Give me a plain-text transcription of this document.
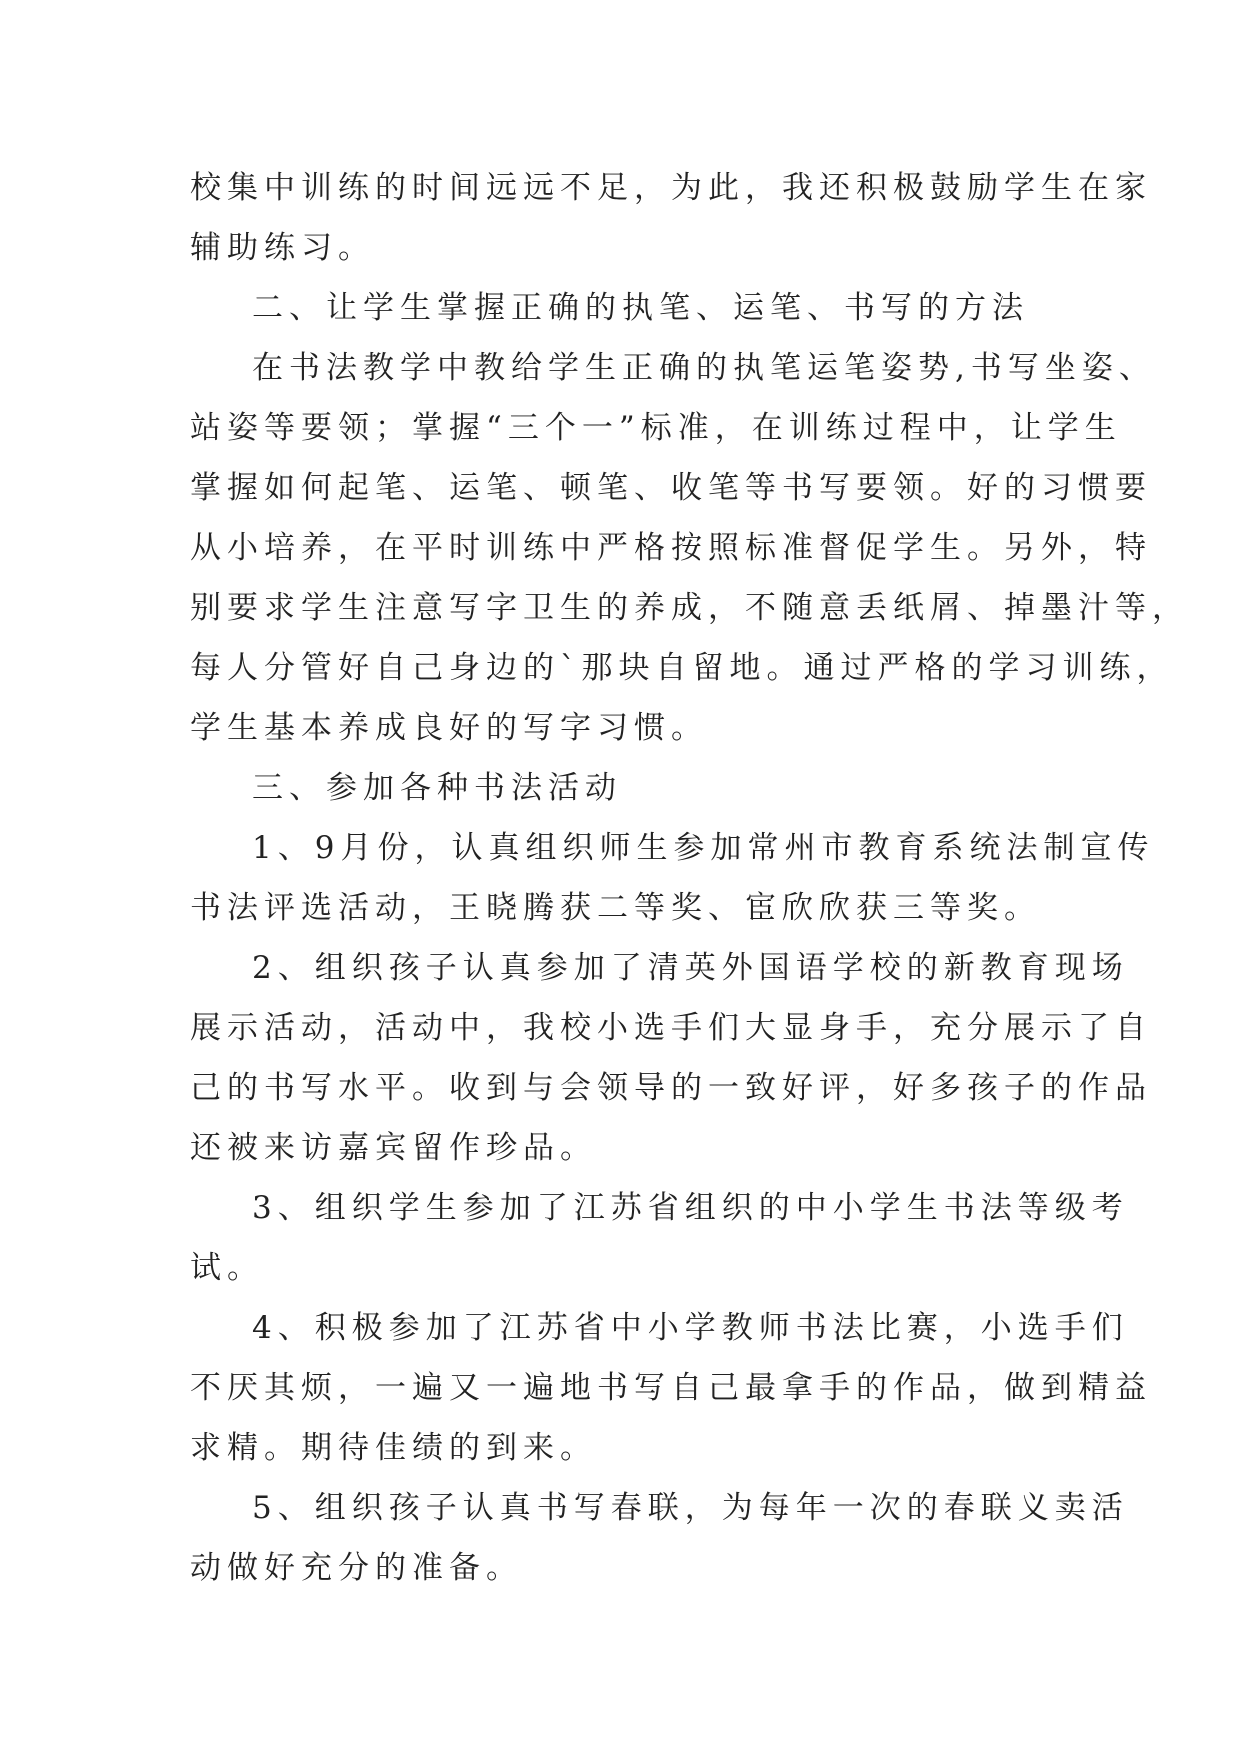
校集中训练的时间远远不足，为此，我还积极鼓励学生在家
辅助练习。
二、让学生掌握正确的执笔、运笔、书写的方法
在书法教学中教给学生正确的执笔运笔姿势,书写坐姿、
站姿等要领；掌握“三个一”标准，在训练过程中，让学生
掌握如何起笔、运笔、顿笔、收笔等书写要领。好的习惯要
从小培养，在平时训练中严格按照标准督促学生。另外，特
别要求学生注意写字卫生的养成，不随意丢纸屑、掉墨汁等，
每人分管好自己身边的`那块自留地。通过严格的学习训练，
学生基本养成良好的写字习惯。
三、参加各种书法活动
1、9月份，认真组织师生参加常州市教育系统法制宣传
书法评选活动，王晓腾获二等奖、宦欣欣获三等奖。
2、组织孩子认真参加了清英外国语学校的新教育现场
展示活动，活动中，我校小选手们大显身手，充分展示了自
己的书写水平。收到与会领导的一致好评，好多孩子的作品
还被来访嘉宾留作珍品。
3、组织学生参加了江苏省组织的中小学生书法等级考
试。
4、积极参加了江苏省中小学教师书法比赛，小选手们
不厌其烦，一遍又一遍地书写自己最拿手的作品，做到精益
求精。期待佳绩的到来。
5、组织孩子认真书写春联，为每年一次的春联义卖活
动做好充分的准备。
